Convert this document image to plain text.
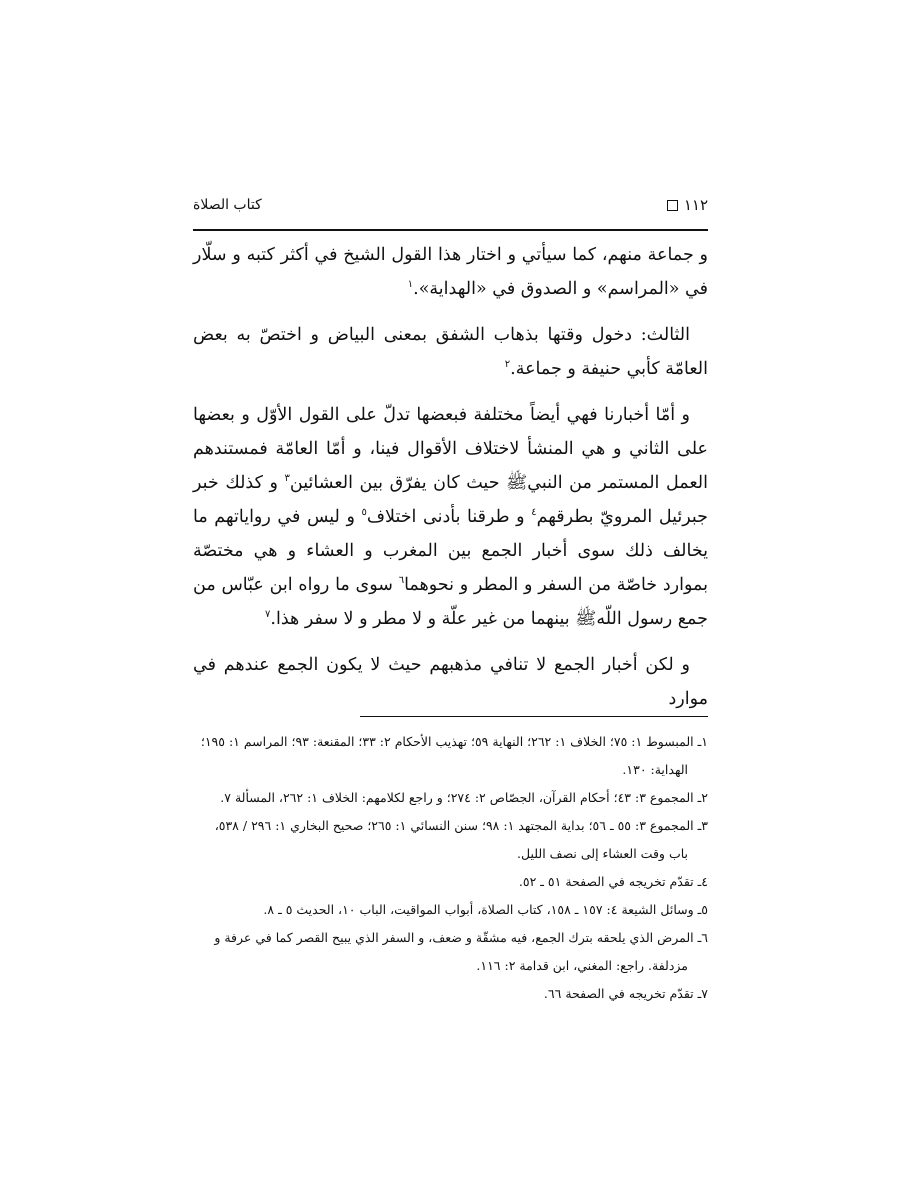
١١٢
كتاب الصلاة

و جماعة منهم، كما سيأتي و اختار هذا القول الشيخ في أكثر كتبه و سلّار في «المراسم» و الصدوق في «الهداية».$^١$

الثالث: دخول وقتها بذهاب الشفق بمعنى البياض و اختصّ به بعض العامّة كأبي حنيفة و جماعة.$^٢$

و أمّا أخبارنا فهي أيضاً مختلفة فبعضها تدلّ على القول الأوّل و بعضها على الثاني و هي المنشأ لاختلاف الأقوال فينا، و أمّا العامّة فمستندهم العمل المستمر من النبيﷺ حيث كان يفرّق بين العشائين$^٣$ و كذلك خبر جبرئيل المرويّ بطرقهم$^٤$ و طرقنا بأدنى اختلاف$^٥$ و ليس في رواياتهم ما يخالف ذلك سوى أخبار الجمع بين المغرب و العشاء و هي مختصّة بموارد خاصّة من السفر و المطر و نحوهما$^٦$ سوى ما رواه ابن عبّاس من جمع رسول اللّهﷺ بينهما من غير علّة و لا مطر و لا سفر هذا.$^٧$

و لكن أخبار الجمع لا تنافي مذهبهم حيث لا يكون الجمع عندهم في موارد

١ـ المبسوط ١: ٧٥؛ الخلاف ١: ٢٦٢؛ النهاية ٥٩؛ تهذيب الأحكام ٢: ٣٣؛ المقنعة: ٩٣؛ المراسم ١: ١٩٥؛ الهداية: ١٣٠.

٢ـ المجموع ٣: ٤٣؛ أحكام القرآن، الجصّاص ٢: ٢٧٤؛ و راجع لكلامهم: الخلاف ١: ٢٦٢، المسألة ٧.

٣ـ المجموع ٣: ٥٥ ـ ٥٦؛ بداية المجتهد ١: ٩٨؛ سنن النسائي ١: ٢٦٥؛ صحيح البخاري ١: ٢٩٦ / ٥٣٨، باب وقت العشاء إلى نصف الليل.

٤ـ تقدّم تخريجه في الصفحة ٥١ ـ ٥٢.

٥ـ وسائل الشيعة ٤: ١٥٧ ـ ١٥٨، كتاب الصلاة، أبواب المواقيت، الباب ١٠، الحديث ٥ ـ ٨.

٦ـ المرض الذي يلحقه بترك الجمع، فيه مشقّة و ضعف، و السفر الذي يبيح القصر كما في عرفة و مزدلفة. راجع: المغني، ابن قدامة ٢: ١١٦.

٧ـ تقدّم تخريجه في الصفحة ٦٦.
